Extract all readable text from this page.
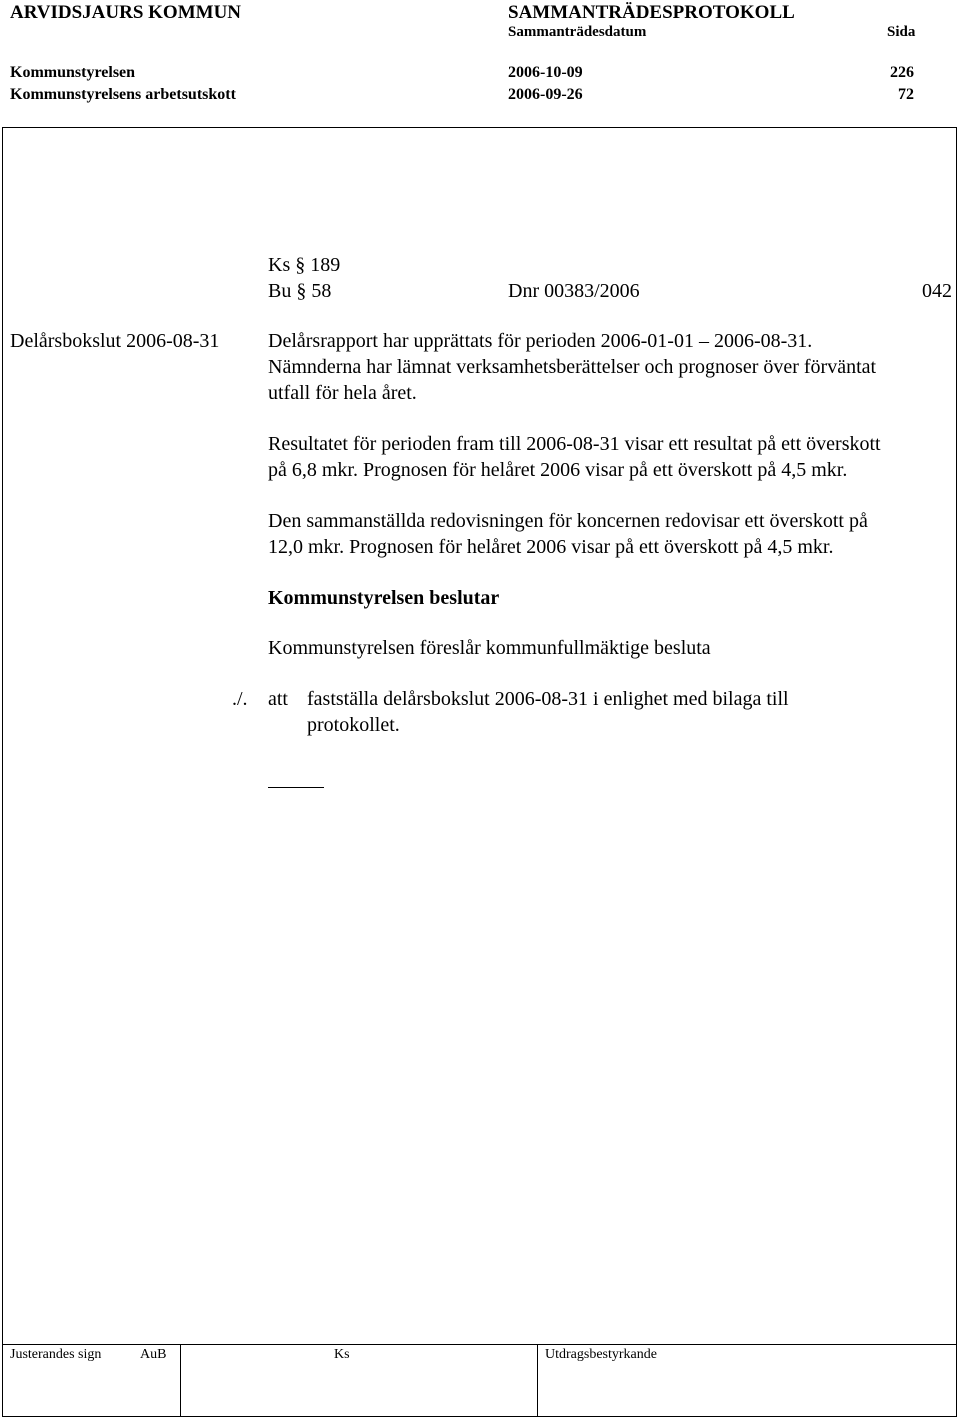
ARVIDSJAURS KOMMUN	SAMMANTRÄDESPROTOKOLL
Sammanträdesdatum	Sida
Kommunstyrelsen	2006-10-09	226
Kommunstyrelsens arbetsutskott	2006-09-26	72
Ks § 189
Bu § 58	Dnr 00383/2006	042
Delårsbokslut 2006-08-31 Delårsrapport har upprättats för perioden 2006-01-01 – 2006-08-31.
Nämnderna har lämnat verksamhetsberättelser och prognoser över förväntat
utfall för hela året.
Resultatet för perioden fram till 2006-08-31 visar ett resultat på ett överskott
på 6,8 mkr. Prognosen för helåret 2006 visar på ett överskott på 4,5 mkr.
Den sammanställda redovisningen för koncernen redovisar ett överskott på
12,0 mkr. Prognosen för helåret 2006 visar på ett överskott på 4,5 mkr.
Kommunstyrelsen beslutar
Kommunstyrelsen föreslår kommunfullmäktige besluta
./. att fastställa delårsbokslut 2006-08-31 i enlighet med bilaga till
protokollet.
Justerandes sign	AuB	Ks	Utdragsbestyrkande
